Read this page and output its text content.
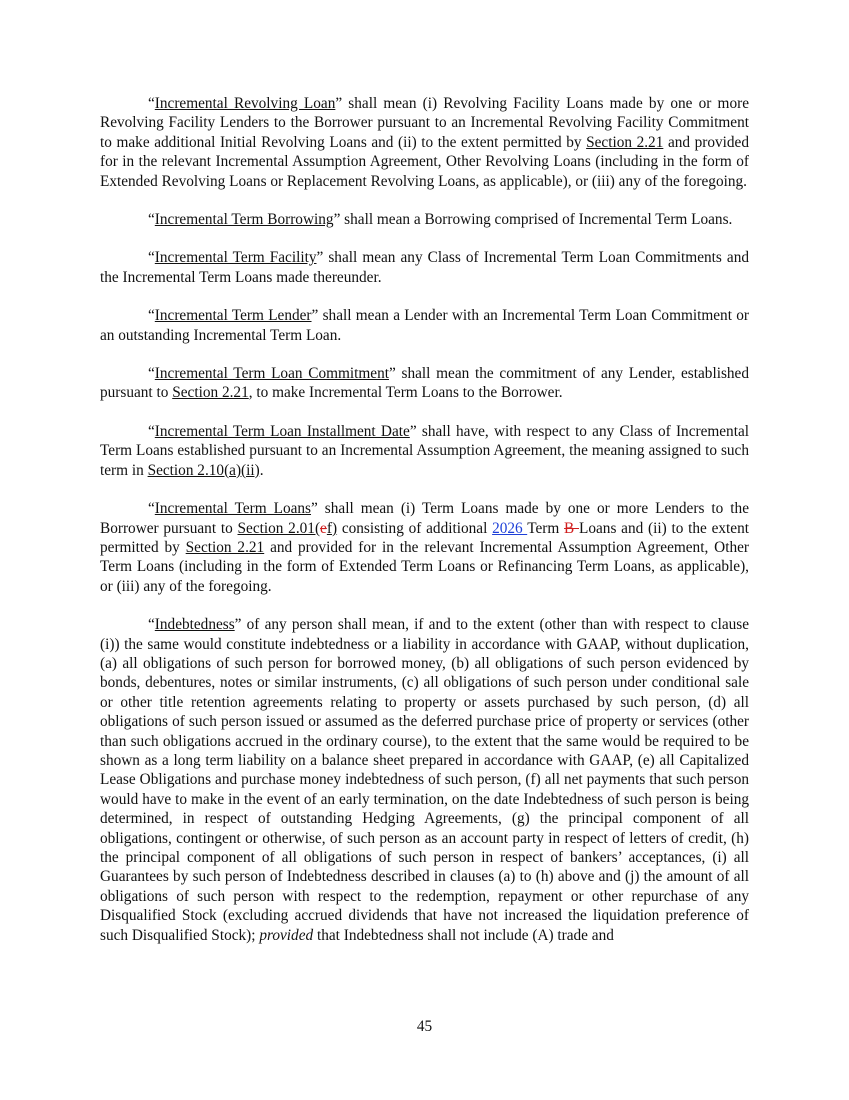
“Incremental Revolving Loan” shall mean (i) Revolving Facility Loans made by one or more Revolving Facility Lenders to the Borrower pursuant to an Incremental Revolving Facility Commitment to make additional Initial Revolving Loans and (ii) to the extent permitted by Section 2.21 and provided for in the relevant Incremental Assumption Agreement, Other Revolving Loans (including in the form of Extended Revolving Loans or Replacement Revolving Loans, as applicable), or (iii) any of the foregoing.

“Incremental Term Borrowing” shall mean a Borrowing comprised of Incremental Term Loans.

“Incremental Term Facility” shall mean any Class of Incremental Term Loan Commitments and the Incremental Term Loans made thereunder.

“Incremental Term Lender” shall mean a Lender with an Incremental Term Loan Commitment or an outstanding Incremental Term Loan.

“Incremental Term Loan Commitment” shall mean the commitment of any Lender, established pursuant to Section 2.21, to make Incremental Term Loans to the Borrower.

“Incremental Term Loan Installment Date” shall have, with respect to any Class of Incremental Term Loans established pursuant to an Incremental Assumption Agreement, the meaning assigned to such term in Section 2.10(a)(ii).

“Incremental Term Loans” shall mean (i) Term Loans made by one or more Lenders to the Borrower pursuant to Section 2.01(ef) consisting of additional 2026 Term B Loans and (ii) to the extent permitted by Section 2.21 and provided for in the relevant Incremental Assumption Agreement, Other Term Loans (including in the form of Extended Term Loans or Refinancing Term Loans, as applicable), or (iii) any of the foregoing.

“Indebtedness” of any person shall mean, if and to the extent (other than with respect to clause (i)) the same would constitute indebtedness or a liability in accordance with GAAP, without duplication, (a) all obligations of such person for borrowed money, (b) all obligations of such person evidenced by bonds, debentures, notes or similar instruments, (c) all obligations of such person under conditional sale or other title retention agreements relating to property or assets purchased by such person, (d) all obligations of such person issued or assumed as the deferred purchase price of property or services (other than such obligations accrued in the ordinary course), to the extent that the same would be required to be shown as a long term liability on a balance sheet prepared in accordance with GAAP, (e) all Capitalized Lease Obligations and purchase money indebtedness of such person, (f) all net payments that such person would have to make in the event of an early termination, on the date Indebtedness of such person is being determined, in respect of outstanding Hedging Agreements, (g) the principal component of all obligations, contingent or otherwise, of such person as an account party in respect of letters of credit, (h) the principal component of all obligations of such person in respect of bankers’ acceptances, (i) all Guarantees by such person of Indebtedness described in clauses (a) to (h) above and (j) the amount of all obligations of such person with respect to the redemption, repayment or other repurchase of any Disqualified Stock (excluding accrued dividends that have not increased the liquidation preference of such Disqualified Stock); provided that Indebtedness shall not include (A) trade and

45
